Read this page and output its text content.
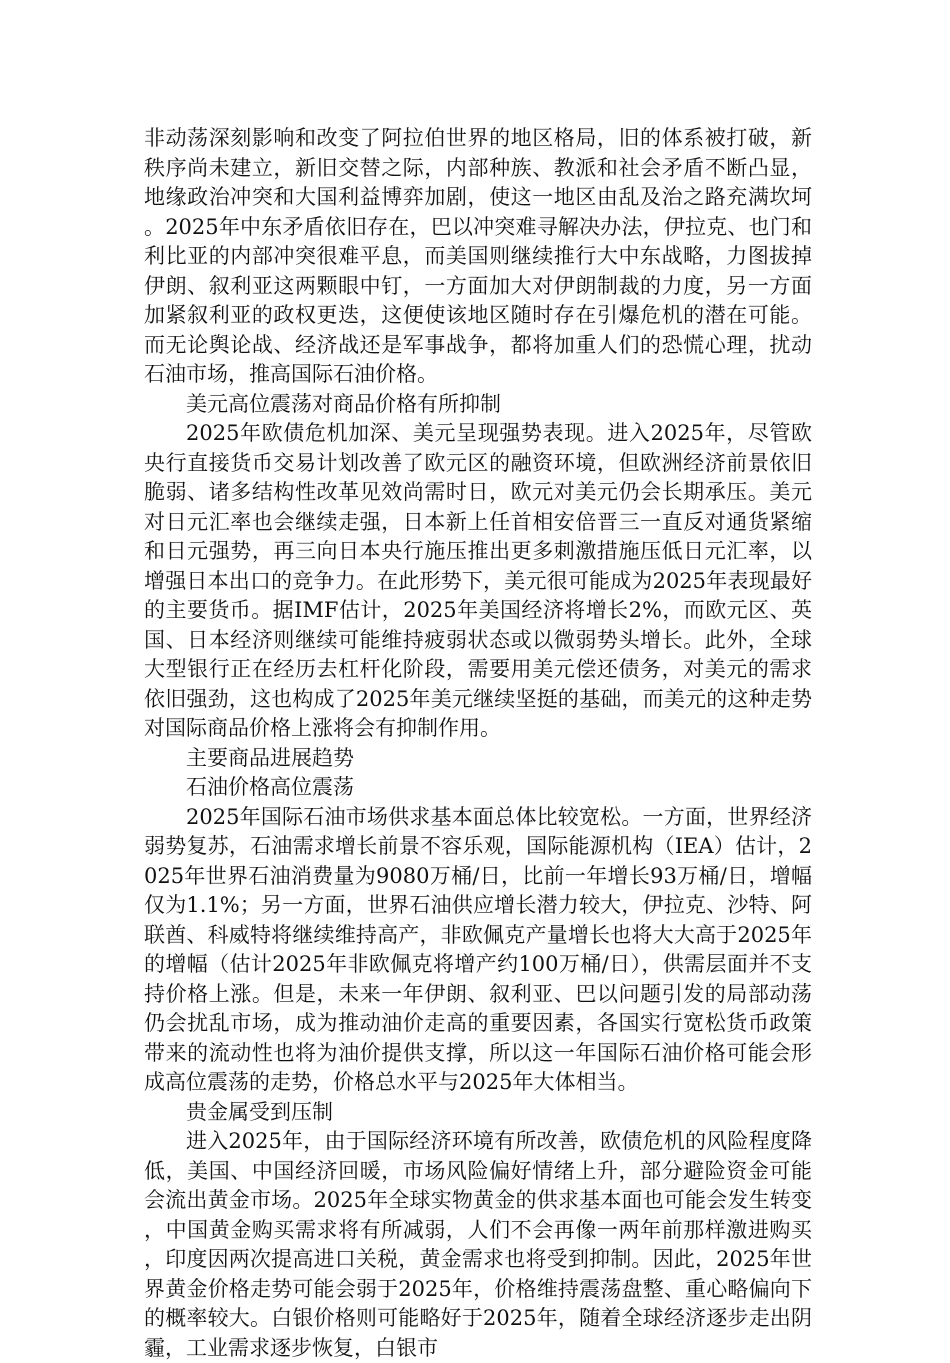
非动荡深刻影响和改变了阿拉伯世界的地区格局，旧的体系被打破，新秩序尚未建立，新旧交替之际，内部种族、教派和社会矛盾不断凸显，地缘政治冲突和大国利益博弈加剧，使这一地区由乱及治之路充满坎坷。2025年中东矛盾依旧存在，巴以冲突难寻解决办法，伊拉克、也门和利比亚的内部冲突很难平息，而美国则继续推行大中东战略，力图拔掉伊朗、叙利亚这两颗眼中钉，一方面加大对伊朗制裁的力度，另一方面加紧叙利亚的政权更迭，这便使该地区随时存在引爆危机的潜在可能。而无论舆论战、经济战还是军事战争，都将加重人们的恐慌心理，扰动石油市场，推高国际石油价格。

美元高位震荡对商品价格有所抑制

2025年欧债危机加深、美元呈现强势表现。进入2025年，尽管欧央行直接货币交易计划改善了欧元区的融资环境，但欧洲经济前景依旧脆弱、诸多结构性改革见效尚需时日，欧元对美元仍会长期承压。美元对日元汇率也会继续走强，日本新上任首相安倍晋三一直反对通货紧缩和日元强势，再三向日本央行施压推出更多刺激措施压低日元汇率，以增强日本出口的竞争力。在此形势下，美元很可能成为2025年表现最好的主要货币。据IMF估计，2025年美国经济将增长2%，而欧元区、英国、日本经济则继续可能维持疲弱状态或以微弱势头增长。此外，全球大型银行正在经历去杠杆化阶段，需要用美元偿还债务，对美元的需求依旧强劲，这也构成了2025年美元继续坚挺的基础，而美元的这种走势对国际商品价格上涨将会有抑制作用。

主要商品进展趋势

石油价格高位震荡

2025年国际石油市场供求基本面总体比较宽松。一方面，世界经济弱势复苏，石油需求增长前景不容乐观，国际能源机构（IEA）估计，2025年世界石油消费量为9080万桶/日，比前一年增长93万桶/日，增幅仅为1.1%；另一方面，世界石油供应增长潜力较大，伊拉克、沙特、阿联酋、科威特将继续维持高产，非欧佩克产量增长也将大大高于2025年的增幅（估计2025年非欧佩克将增产约100万桶/日），供需层面并不支持价格上涨。但是，未来一年伊朗、叙利亚、巴以问题引发的局部动荡仍会扰乱市场，成为推动油价走高的重要因素，各国实行宽松货币政策带来的流动性也将为油价提供支撑，所以这一年国际石油价格可能会形成高位震荡的走势，价格总水平与2025年大体相当。

贵金属受到压制

进入2025年，由于国际经济环境有所改善，欧债危机的风险程度降低，美国、中国经济回暖，市场风险偏好情绪上升，部分避险资金可能会流出黄金市场。2025年全球实物黄金的供求基本面也可能会发生转变，中国黄金购买需求将有所减弱，人们不会再像一两年前那样激进购买，印度因两次提高进口关税，黄金需求也将受到抑制。因此，2025年世界黄金价格走势可能会弱于2025年，价格维持震荡盘整、重心略偏向下的概率较大。白银价格则可能略好于2025年，随着全球经济逐步走出阴霾，工业需求逐步恢复，白银市
